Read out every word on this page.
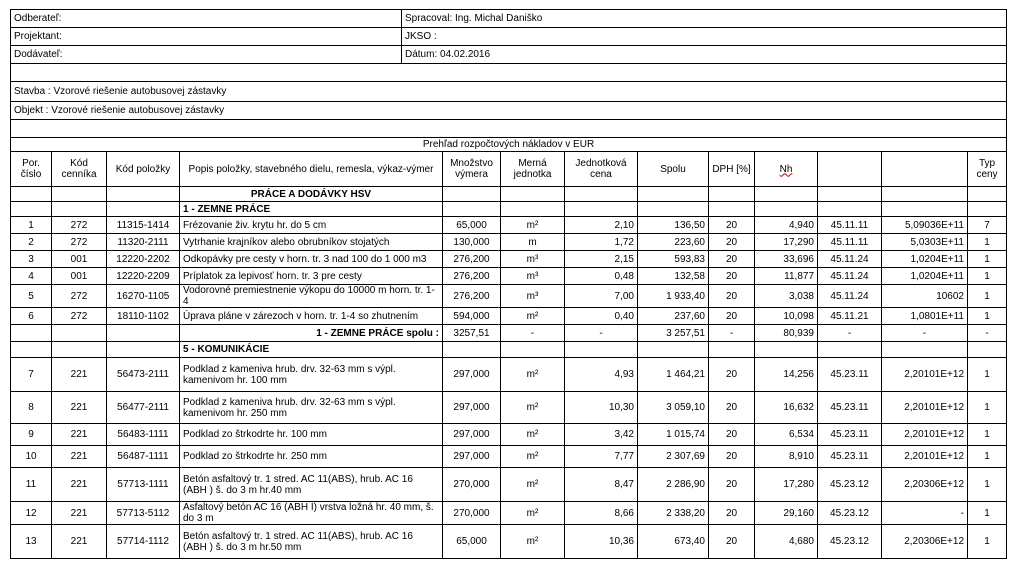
Odberateľ:	Spracoval: Ing. Michal Daniško
Projektant:	JKSO :
Dodávateľ:	Dátum: 04.02.2016

Stavba : Vzorové riešenie autobusovej zástavky	
Objekt : Vzorové riešenie autobusovej zástavky	

Prehľad rozpočtových nákladov v EUR												
Por. číslo	Kód cenníka	Kód položky	Popis položky, stavebného dielu, remesla, výkaz-výmer	Množstvo výmera	Merná jednotka	Jednotková cena	Spolu	DPH [%]	Nh			Typ ceny
			PRÁCE A DODÁVKY HSV									
			1 - ZEMNE PRÁCE									
1	272	11315-1414	Frézovanie živ. krytu hr. do 5 cm	65,000	m²	2,10	136,50	20	4,940	45.11.11	5,09036E+11	7
2	272	11320-2111	Vytrhanie krajníkov alebo obrubníkov stojatých	130,000	m	1,72	223,60	20	17,290	45.11.11	5,0303E+11	1
3	001	12220-2202	Odkopávky pre cesty v horn. tr. 3 nad 100 do 1 000 m3	276,200	m³	2,15	593,83	20	33,696	45.11.24	1,0204E+11	1
4	001	12220-2209	Príplatok za lepivosť horn. tr. 3 pre cesty	276,200	m³	0,48	132,58	20	11,877	45.11.24	1,0204E+11	1
5	272	16270-1105	Vodorovné premiestnenie výkopu do 10000 m horn. tr. 1-4	276,200	m³	7,00	1 933,40	20	3,038	45.11.24	10602	1
6	272	18110-1102	Úprava pláne v zárezoch v horn. tr. 1-4 so zhutnením	594,000	m²	0,40	237,60	20	10,098	45.11.21	1,0801E+11	1
			1 - ZEMNE PRÁCE spolu :	3257,51	-	-	3 257,51	-	80,939	-	-	-
			5 - KOMUNIKÁCIE									
7	221	56473-2111	Podklad z kameniva hrub. drv. 32-63 mm s výpl. kamenivom hr. 100 mm	297,000	m²	4,93	1 464,21	20	14,256	45.23.11	2,20101E+12	1
8	221	56477-2111	Podklad z kameniva hrub. drv. 32-63 mm s výpl. kamenivom hr. 250 mm	297,000	m²	10,30	3 059,10	20	16,632	45.23.11	2,20101E+12	1
9	221	56483-1111	Podklad zo štrkodrte hr. 100 mm	297,000	m²	3,42	1 015,74	20	6,534	45.23.11	2,20101E+12	1
10	221	56487-1111	Podklad zo štrkodrte hr. 250 mm	297,000	m²	7,77	2 307,69	20	8,910	45.23.11	2,20101E+12	1
11	221	57713-1111	Betón asfaltový tr. 1 stred. AC 11(ABS), hrub. AC 16 (ABH ) š. do 3 m hr.40 mm	270,000	m²	8,47	2 286,90	20	17,280	45.23.12	2,20306E+12	1
12	221	57713-5112	Asfaltový betón AC 16 (ABH I) vrstva ložná hr. 40 mm, š. do 3 m	270,000	m²	8,66	2 338,20	20	29,160	45.23.12	-	1
13	221	57714-1112	Betón asfaltový tr. 1 stred. AC 11(ABS), hrub. AC 16 (ABH ) š. do 3 m hr.50 mm	65,000	m²	10,36	673,40	20	4,680	45.23.12	2,20306E+12	1
